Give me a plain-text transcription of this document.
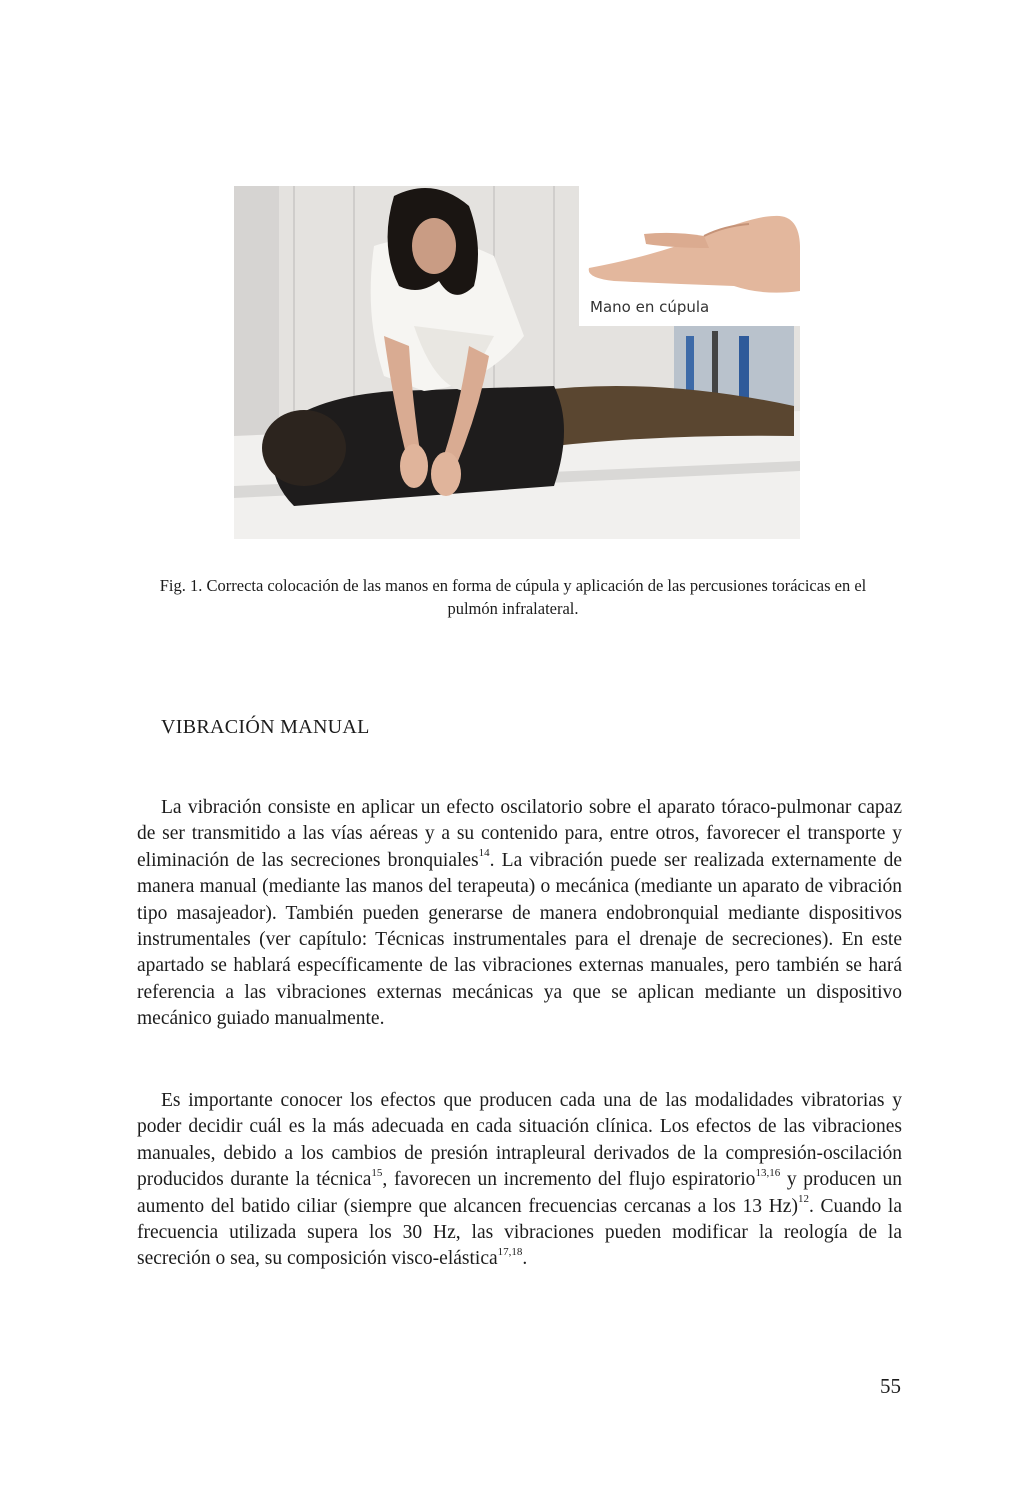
Mano en cúpula
Fig. 1. Correcta colocación de las manos en forma de cúpula y aplicación de las percusiones torácicas en el pulmón infralateral.
VIBRACIÓN MANUAL

La vibración consiste en aplicar un efecto oscilatorio sobre el aparato tóraco-pulmonar capaz de ser transmitido a las vías aéreas y a su contenido para, entre otros, favorecer el transporte y eliminación de las secreciones bronquiales$^{14}$. La vibración puede ser realizada externamente de manera manual (mediante las manos del terapeuta) o mecánica (mediante un aparato de vibración tipo masajeador). También pueden generarse de manera endobronquial mediante dispositivos instrumentales (ver capítulo: Técnicas instrumentales para el drenaje de secreciones). En este apartado se hablará específicamente de las vibraciones externas manuales, pero también se hará referencia a las vibraciones externas mecánicas ya que se aplican mediante un dispositivo mecánico guiado manualmente.

Es importante conocer los efectos que producen cada una de las modalidades vibratorias y poder decidir cuál es la más adecuada en cada situación clínica. Los efectos de las vibraciones manuales, debido a los cambios de presión intrapleural derivados de la compresión-oscilación producidos durante la técnica$^{15}$, favorecen un incremento del flujo espiratorio$^{13,16}$ y producen un aumento del batido ciliar (siempre que alcancen frecuencias cercanas a los 13 Hz)$^{12}$. Cuando la frecuencia utilizada supera los 30 Hz, las vibraciones pueden modificar la reología de la secreción o sea, su composición visco-elástica$^{17,18}$.

55
